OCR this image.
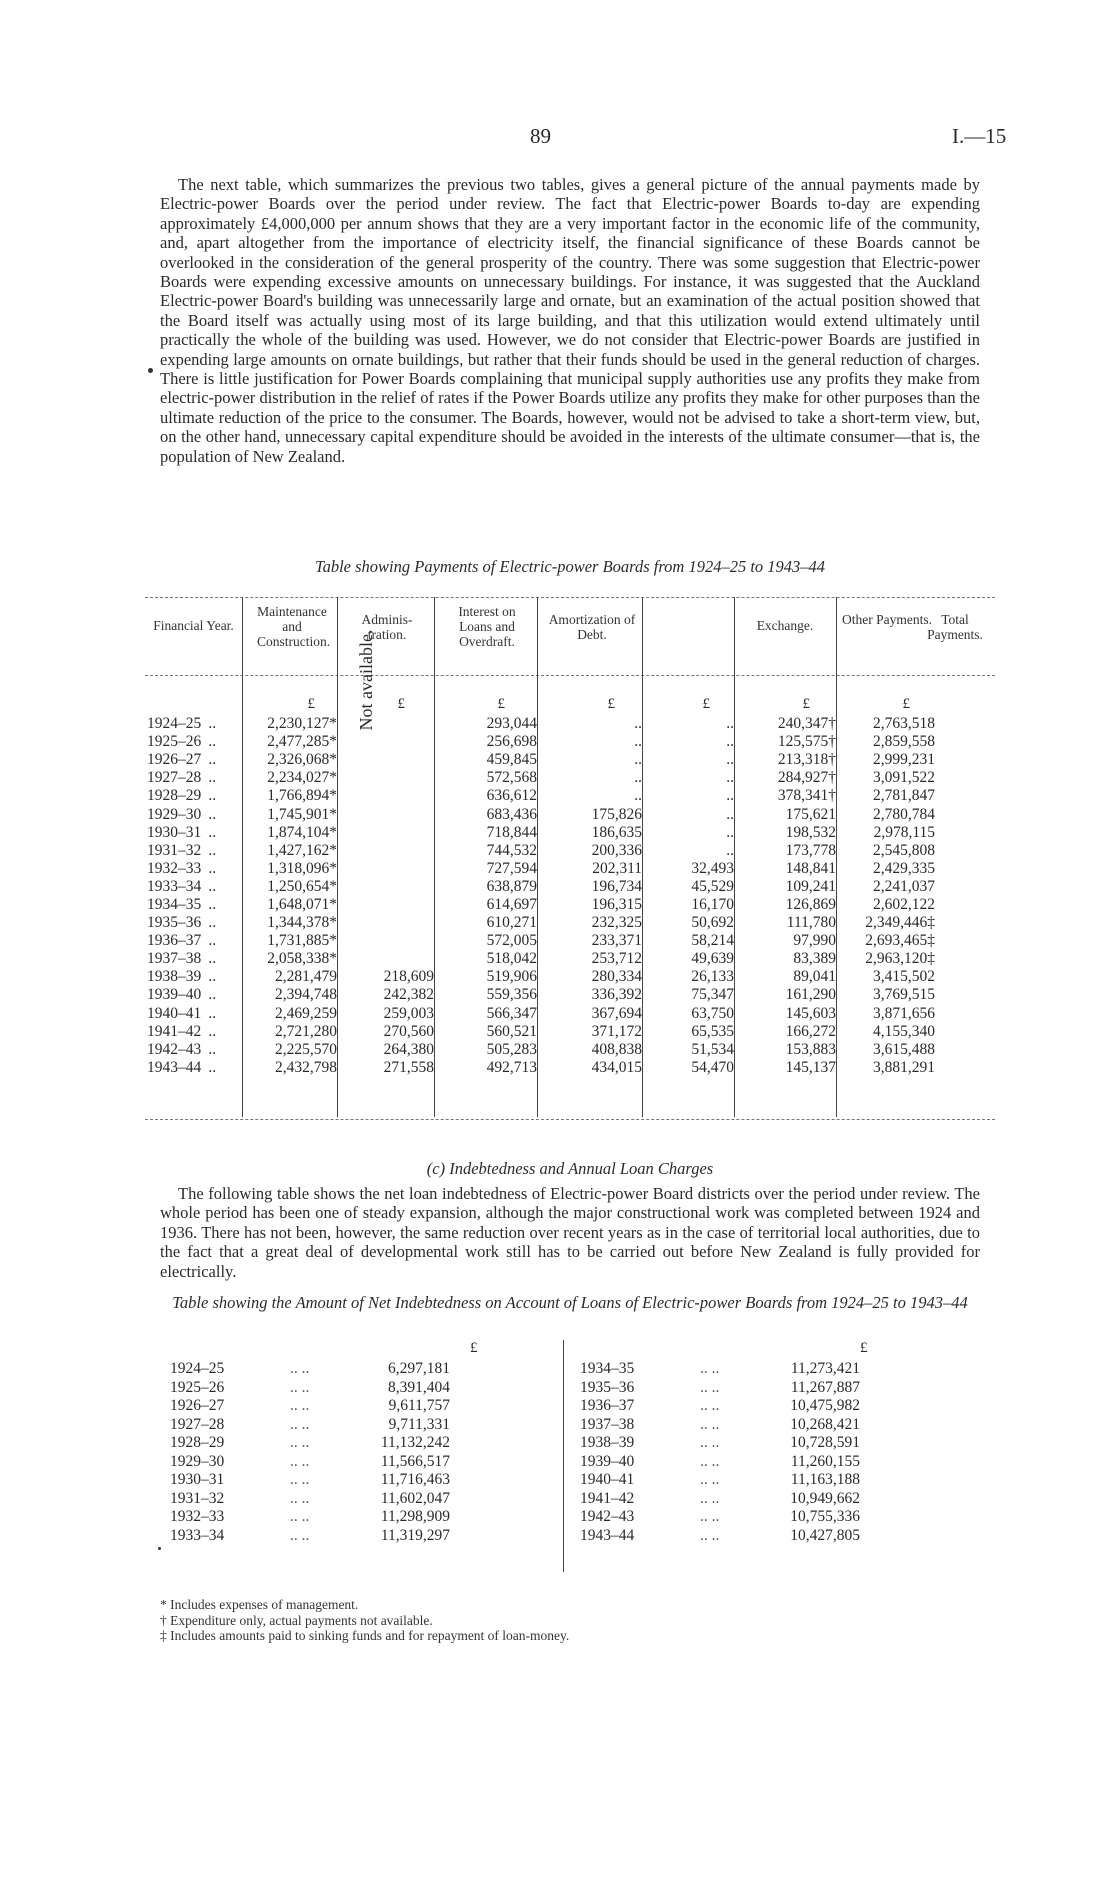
89	I.—15

The next table, which summarizes the previous two tables, gives a general picture of the annual payments made by Electric-power Boards over the period under review. The fact that Electric-power Boards to-day are expending approximately £4,000,000 per annum shows that they are a very important factor in the economic life of the community, and, apart altogether from the importance of electricity itself, the financial significance of these Boards cannot be overlooked in the consideration of the general prosperity of the country. There was some suggestion that Electric-power Boards were expending excessive amounts on unnecessary buildings. For instance, it was suggested that the Auckland Electric-power Board's building was unnecessarily large and ornate, but an examination of the actual position showed that the Board itself was actually using most of its large building, and that this utilization would extend ultimately until practically the whole of the building was used. However, we do not consider that Electric-power Boards are justified in expending large amounts on ornate buildings, but rather that their funds should be used in the general reduction of charges. There is little justification for Power Boards complaining that municipal supply authorities use any profits they make from electric-power distribution in the relief of rates if the Power Boards utilize any profits they make for other purposes than the ultimate reduction of the price to the consumer. The Boards, however, would not be advised to take a short-term view, but, on the other hand, unnecessary capital expenditure should be avoided in the interests of the ultimate consumer—that is, the population of New Zealand.

Table showing Payments of Electric-power Boards from 1924–25 to 1943–44
Financial Year.
Maintenance and Construction.
Adminis-tration.
Interest on Loans and Overdraft.
Amortization of Debt.
Exchange.	Other Payments. Total Payments.
£	£	£	£	£	£	£
1924–25 ..	2,230,127*		293,044	..	..	240,347†	2,763,518
1925–26 ..	2,477,285*		256,698	..	..	125,575†	2,859,558
1926–27 ..	2,326,068*		459,845	..	..	213,318†	2,999,231
1927–28 ..	2,234,027*		572,568	..	..	284,927†	3,091,522
1928–29 ..	1,766,894*		636,612	..	..	378,341†	2,781,847
1929–30 ..	1,745,901*		683,436	175,826	..	175,621	2,780,784
1930–31 ..	1,874,104*		718,844	186,635	..	198,532	2,978,115
1931–32 ..	1,427,162*		744,532	200,336	..	173,778	2,545,808
1932–33 ..	1,318,096*		727,594	202,311	32,493	148,841	2,429,335
1933–34 ..	1,250,654*		638,879	196,734	45,529	109,241	2,241,037
1934–35 ..	1,648,071*		614,697	196,315	16,170	126,869	2,602,122
1935–36 ..	1,344,378*		610,271	232,325	50,692	111,780	2,349,446‡
1936–37 ..	1,731,885*		572,005	233,371	58,214	97,990	2,693,465‡
1937–38 ..	2,058,338*		518,042	253,712	49,639	83,389	2,963,120‡
1938–39 ..	2,281,479	218,609	519,906	280,334	26,133	89,041	3,415,502
1939–40 ..	2,394,748	242,382	559,356	336,392	75,347	161,290	3,769,515
1940–41 ..	2,469,259	259,003	566,347	367,694	63,750	145,603	3,871,656
1941–42 ..	2,721,280	270,560	560,521	371,172	65,535	166,272	4,155,340
1942–43 ..	2,225,570	264,380	505,283	408,838	51,534	153,883	3,615,488
1943–44 ..	2,432,798	271,558	492,713	434,015	54,470	145,137	3,881,291
Not available.
(c) Indebtedness and Annual Loan Charges

The following table shows the net loan indebtedness of Electric-power Board districts over the period under review. The whole period has been one of steady expansion, although the major constructional work was completed between 1924 and 1936. There has not been, however, the same reduction over recent years as in the case of territorial local authorities, due to the fact that a great deal of developmental work still has to be carried out before New Zealand is fully provided for electrically.

Table showing the Amount of Net Indebtedness on Account of Loans of Electric-power Boards from 1924–25 to 1943–44
£	£
1924–25	.. ..	6,297,181
1925–26	.. ..	8,391,404
1926–27	.. ..	9,611,757
1927–28	.. ..	9,711,331
1928–29	.. ..	11,132,242
1929–30	.. ..	11,566,517
1930–31	.. ..	11,716,463
1931–32	.. ..	11,602,047
1932–33	.. ..	11,298,909
1933–34	.. ..	11,319,297
1934–35	.. ..	11,273,421
1935–36	.. ..	11,267,887
1936–37	.. ..	10,475,982
1937–38	.. ..	10,268,421
1938–39	.. ..	10,728,591
1939–40	.. ..	11,260,155
1940–41	.. ..	11,163,188
1941–42	.. ..	10,949,662
1942–43	.. ..	10,755,336
1943–44	.. ..	10,427,805
* Includes expenses of management.
† Expenditure only, actual payments not available.
‡ Includes amounts paid to sinking funds and for repayment of loan-money.
